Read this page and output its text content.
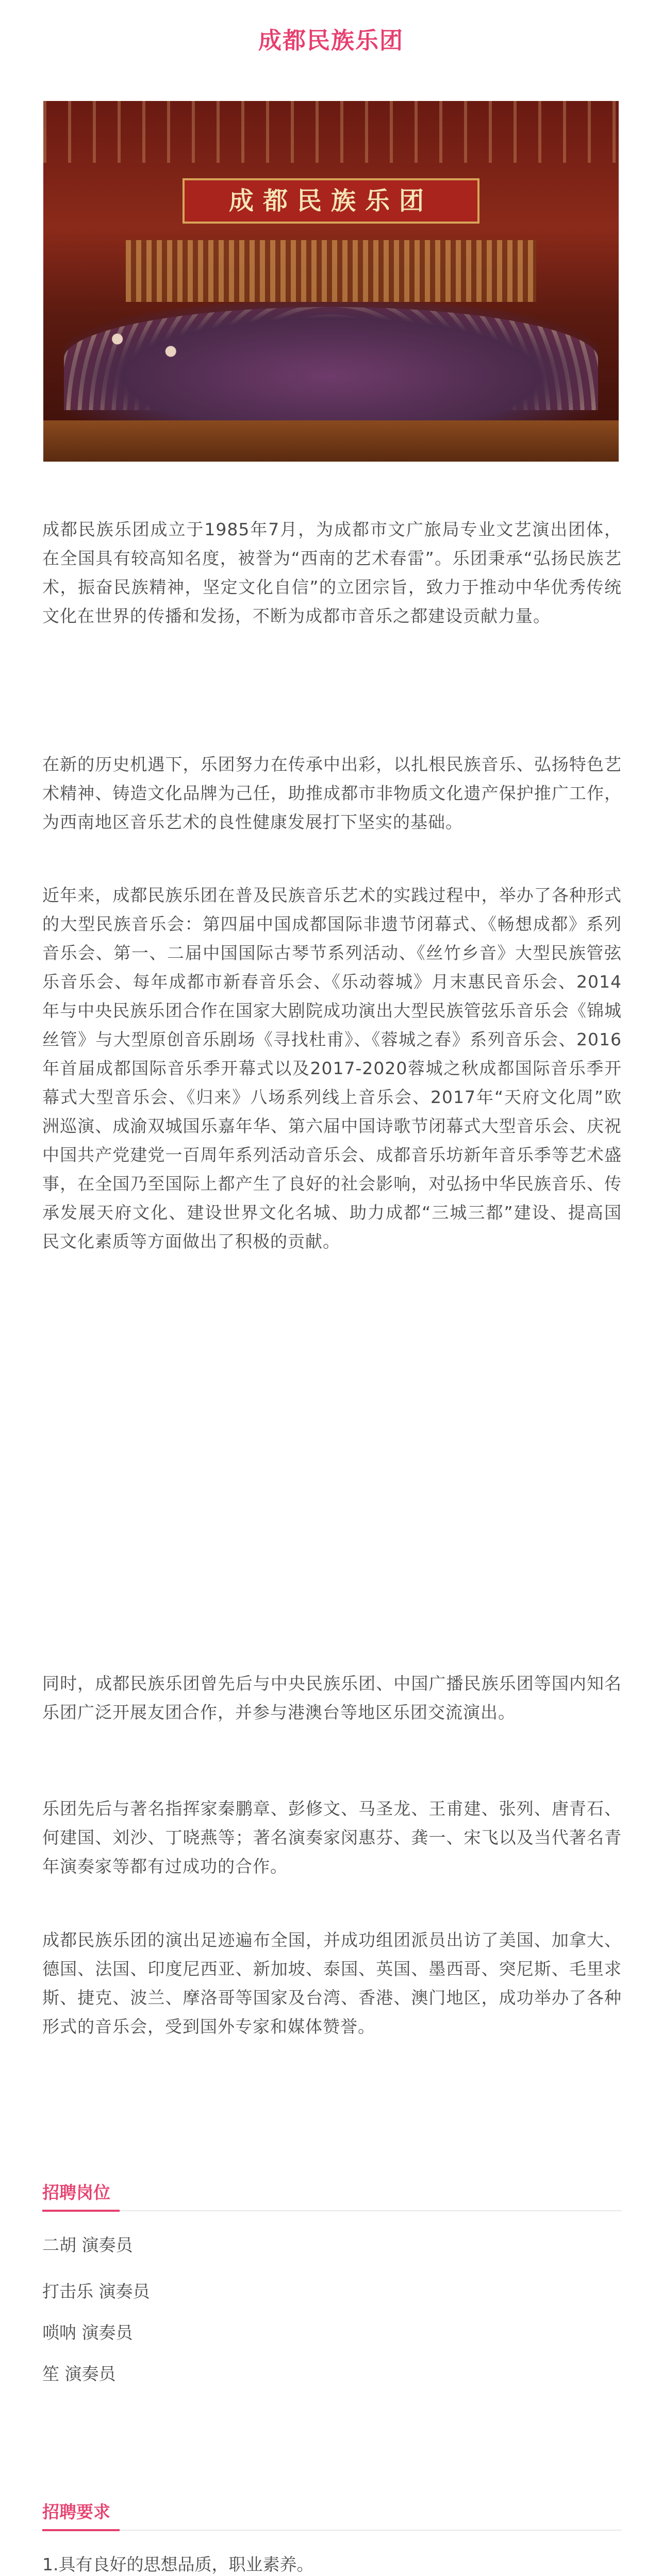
成都民族乐团
成都民族乐团

成都民族乐团成立于1985年7月，为成都市文广旅局专业文艺演出团体，在全国具有较高知名度，被誉为“西南的艺术春雷”。乐团秉承“弘扬民族艺术，振奋民族精神，坚定文化自信”的立团宗旨，致力于推动中华优秀传统文化在世界的传播和发扬，不断为成都市音乐之都建设贡献力量。

在新的历史机遇下，乐团努力在传承中出彩，以扎根民族音乐、弘扬特色艺术精神、铸造文化品牌为己任，助推成都市非物质文化遗产保护推广工作，为西南地区音乐艺术的良性健康发展打下坚实的基础。

近年来，成都民族乐团在普及民族音乐艺术的实践过程中，举办了各种形式的大型民族音乐会：第四届中国成都国际非遗节闭幕式、《畅想成都》系列音乐会、第一、二届中国国际古琴节系列活动、《丝竹乡音》大型民族管弦乐音乐会、每年成都市新春音乐会、《乐动蓉城》月末惠民音乐会、2014年与中央民族乐团合作在国家大剧院成功演出大型民族管弦乐音乐会《锦城丝管》与大型原创音乐剧场《寻找杜甫》、《蓉城之春》系列音乐会、2016年首届成都国际音乐季开幕式以及2017-2020蓉城之秋成都国际音乐季开幕式大型音乐会、《归来》八场系列线上音乐会、2017年“天府文化周”欧洲巡演、成渝双城国乐嘉年华、第六届中国诗歌节闭幕式大型音乐会、庆祝中国共产党建党一百周年系列活动音乐会、成都音乐坊新年音乐季等艺术盛事，在全国乃至国际上都产生了良好的社会影响，对弘扬中华民族音乐、传承发展天府文化、建设世界文化名城、助力成都“三城三都”建设、提高国民文化素质等方面做出了积极的贡献。

同时，成都民族乐团曾先后与中央民族乐团、中国广播民族乐团等国内知名乐团广泛开展友团合作，并参与港澳台等地区乐团交流演出。

乐团先后与著名指挥家秦鹏章、彭修文、马圣龙、王甫建、张列、唐青石、何建国、刘沙、丁晓燕等；著名演奏家闵惠芬、龚一、宋飞以及当代著名青年演奏家等都有过成功的合作。

成都民族乐团的演出足迹遍布全国，并成功组团派员出访了美国、加拿大、德国、法国、印度尼西亚、新加坡、泰国、英国、墨西哥、突尼斯、毛里求斯、捷克、波兰、摩洛哥等国家及台湾、香港、澳门地区，成功举办了各种形式的音乐会，受到国外专家和媒体赞誉。

招聘岗位
二胡 演奏员
打击乐 演奏员
唢呐 演奏员
笙 演奏员
招聘要求
1.具有良好的思想品质，职业素养。
